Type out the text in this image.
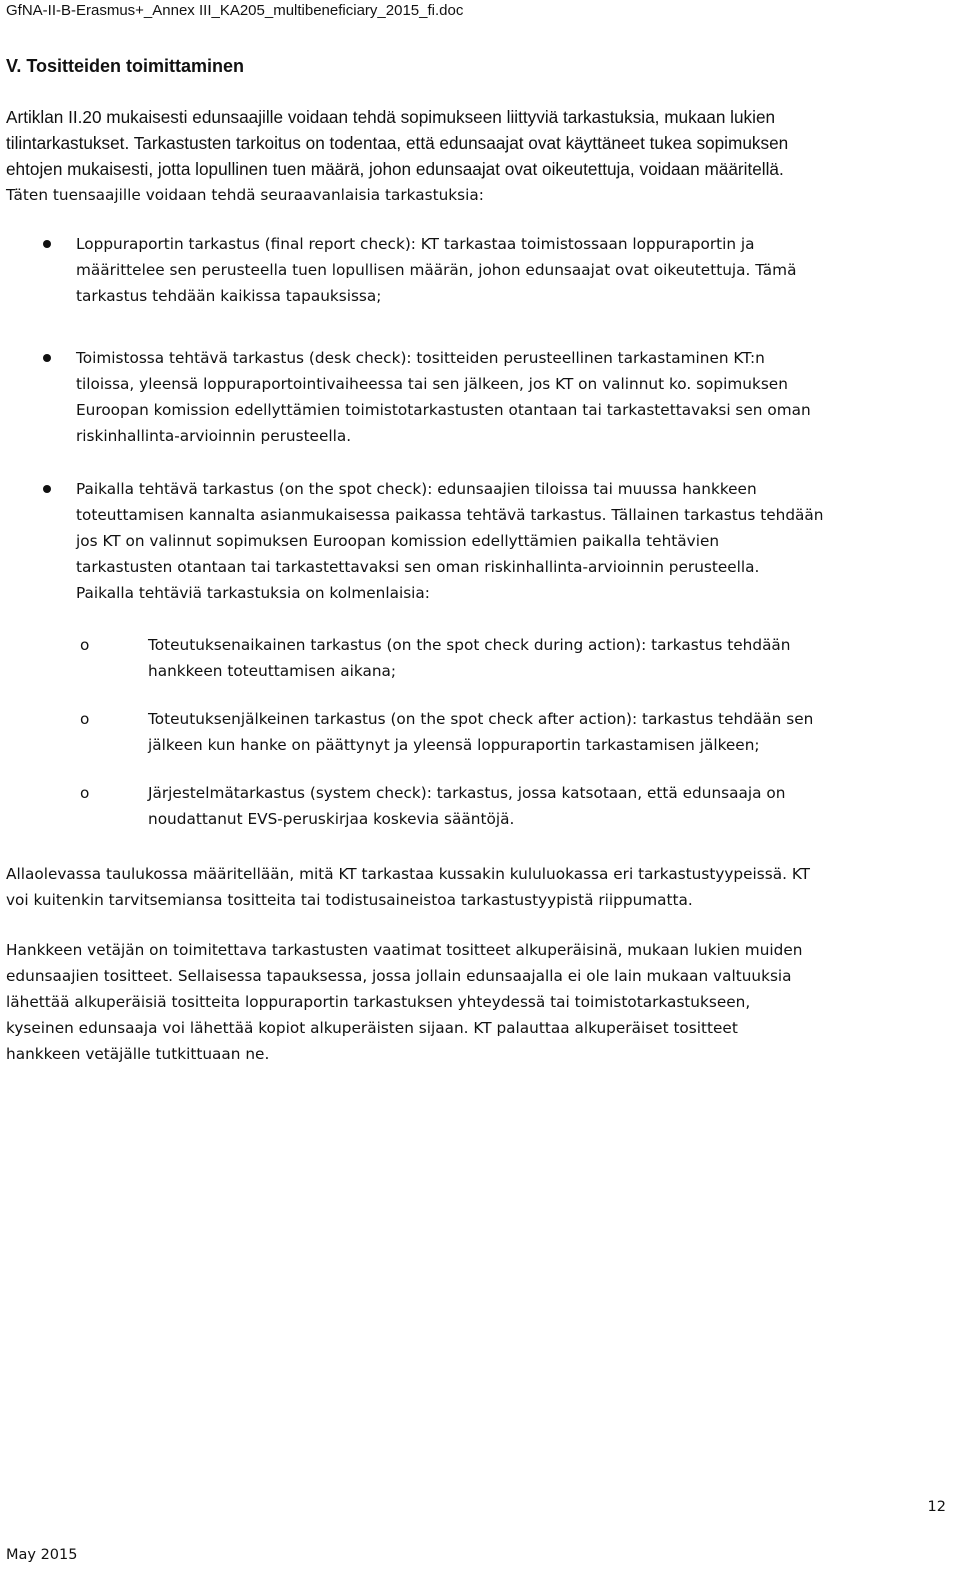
GfNA-II-B-Erasmus+_Annex III_KA205_multibeneficiary_2015_fi.doc
V. Tositteiden toimittaminen
Artiklan II.20 mukaisesti edunsaajille voidaan tehdä sopimukseen liittyviä tarkastuksia, mukaan lukien
tilintarkastukset. Tarkastusten tarkoitus on todentaa, että edunsaajat ovat käyttäneet tukea sopimuksen
ehtojen mukaisesti, jotta lopullinen tuen määrä, johon edunsaajat ovat oikeutettuja, voidaan määritellä.
Täten tuensaajille voidaan tehdä seuraavanlaisia tarkastuksia:
Loppuraportin tarkastus (final report check): KT tarkastaa toimistossaan loppuraportin ja
määrittelee sen perusteella tuen lopullisen määrän, johon edunsaajat ovat oikeutettuja. Tämä
tarkastus tehdään kaikissa tapauksissa;
Toimistossa tehtävä tarkastus (desk check): tositteiden perusteellinen tarkastaminen KT:n
tiloissa, yleensä loppuraportointivaiheessa tai sen jälkeen, jos KT on valinnut ko. sopimuksen
Euroopan komission edellyttämien toimistotarkastusten otantaan tai tarkastettavaksi sen oman
riskinhallinta-arvioinnin perusteella.
Paikalla tehtävä tarkastus (on the spot check): edunsaajien tiloissa tai muussa hankkeen
toteuttamisen kannalta asianmukaisessa paikassa tehtävä tarkastus. Tällainen tarkastus tehdään
jos KT on valinnut sopimuksen Euroopan komission edellyttämien paikalla tehtävien
tarkastusten otantaan tai tarkastettavaksi sen oman riskinhallinta-arvioinnin perusteella.
Paikalla tehtäviä tarkastuksia on kolmenlaisia:
o	Toteutuksenaikainen tarkastus (on the spot check during action): tarkastus tehdään
hankkeen toteuttamisen aikana;
o	Toteutuksenjälkeinen tarkastus (on the spot check after action): tarkastus tehdään sen
jälkeen kun hanke on päättynyt ja yleensä loppuraportin tarkastamisen jälkeen;
o	Järjestelmätarkastus (system check): tarkastus, jossa katsotaan, että edunsaaja on
noudattanut EVS-peruskirjaa koskevia sääntöjä.
Allaolevassa taulukossa määritellään, mitä KT tarkastaa kussakin kululuokassa eri tarkastustyypeissä. KT
voi kuitenkin tarvitsemiansa tositteita tai todistusaineistoa tarkastustyypistä riippumatta.
Hankkeen vetäjän on toimitettava tarkastusten vaatimat tositteet alkuperäisinä, mukaan lukien muiden
edunsaajien tositteet. Sellaisessa tapauksessa, jossa jollain edunsaajalla ei ole lain mukaan valtuuksia
lähettää alkuperäisiä tositteita loppuraportin tarkastuksen yhteydessä tai toimistotarkastukseen,
kyseinen edunsaaja voi lähettää kopiot alkuperäisten sijaan. KT palauttaa alkuperäiset tositteet
hankkeen vetäjälle tutkittuaan ne.
12
May 2015
